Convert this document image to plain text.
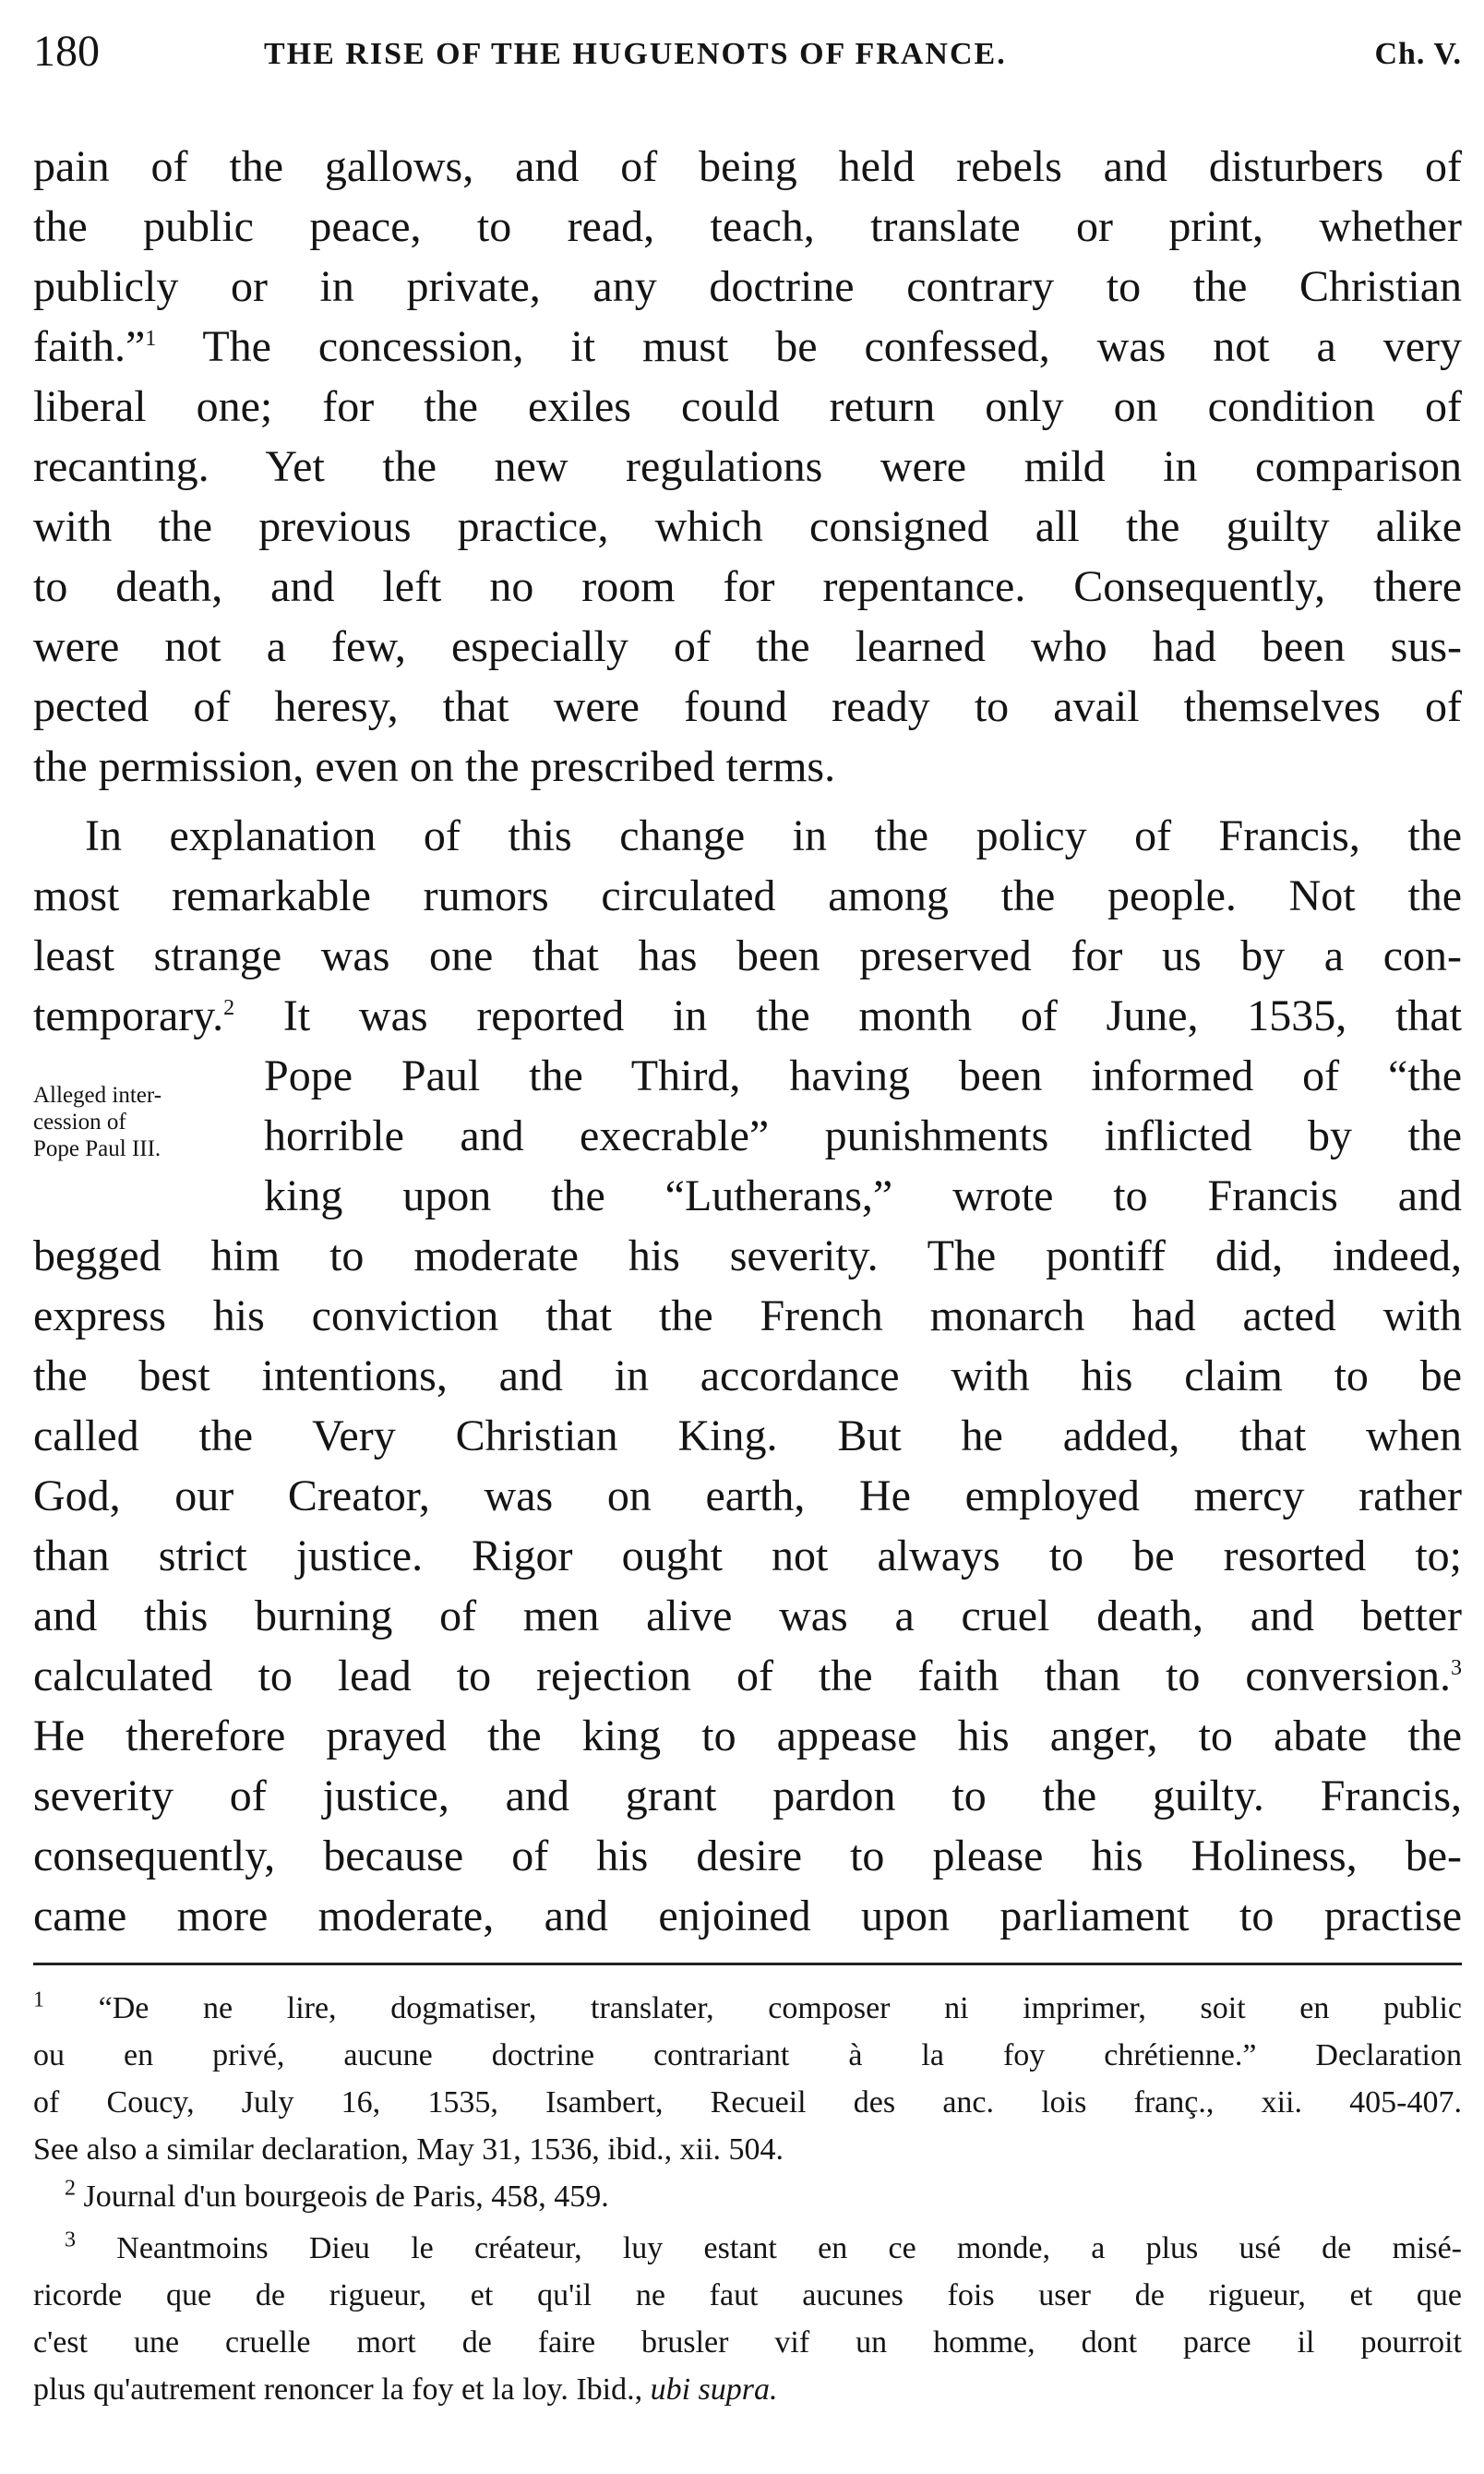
180	THE RISE OF THE HUGUENOTS OF FRANCE.	Ch. V.
pain of the gallows, and of being held rebels and disturbers of
the public peace, to read, teach, translate or print, whether
publicly or in private, any doctrine contrary to the Christian
faith.”$^1$ The concession, it must be confessed, was not a very
liberal one; for the exiles could return only on condition of
recanting. Yet the new regulations were mild in comparison
with the previous practice, which consigned all the guilty alike
to death, and left no room for repentance. Consequently, there
were not a few, especially of the learned who had been sus-
pected of heresy, that were found ready to avail themselves of
the permission, even on the prescribed terms.
In explanation of this change in the policy of Francis, the
most remarkable rumors circulated among the people. Not the
least strange was one that has been preserved for us by a con-
temporary.$^2$ It was reported in the month of June, 1535, that
Pope Paul the Third, having been informed of “the
horrible and execrable” punishments inflicted by the
king upon the “Lutherans,” wrote to Francis and
begged him to moderate his severity. The pontiff did, indeed,
express his conviction that the French monarch had acted with
the best intentions, and in accordance with his claim to be
called the Very Christian King. But he added, that when
God, our Creator, was on earth, He employed mercy rather
than strict justice. Rigor ought not always to be resorted to;
and this burning of men alive was a cruel death, and better
calculated to lead to rejection of the faith than to conversion.$^3$
He therefore prayed the king to appease his anger, to abate the
severity of justice, and grant pardon to the guilty. Francis,
consequently, because of his desire to please his Holiness, be-
came more moderate, and enjoined upon parliament to practise
Alleged inter-
cession of
Pope Paul III.
$^1$ “De ne lire, dogmatiser, translater, composer ni imprimer, soit en public
ou en privé, aucune doctrine contrariant à la foy chrétienne.” Declaration
of Coucy, July 16, 1535, Isambert, Recueil des anc. lois franç., xii. 405-407.
See also a similar declaration, May 31, 1536, ibid., xii. 504.
$^2$ Journal d'un bourgeois de Paris, 458, 459.
$^3$ Neantmoins Dieu le créateur, luy estant en ce monde, a plus usé de misé-
ricorde que de rigueur, et qu'il ne faut aucunes fois user de rigueur, et que
c'est une cruelle mort de faire brusler vif un homme, dont parce il pourroit
plus qu'autrement renoncer la foy et la loy. Ibid., ubi supra.
